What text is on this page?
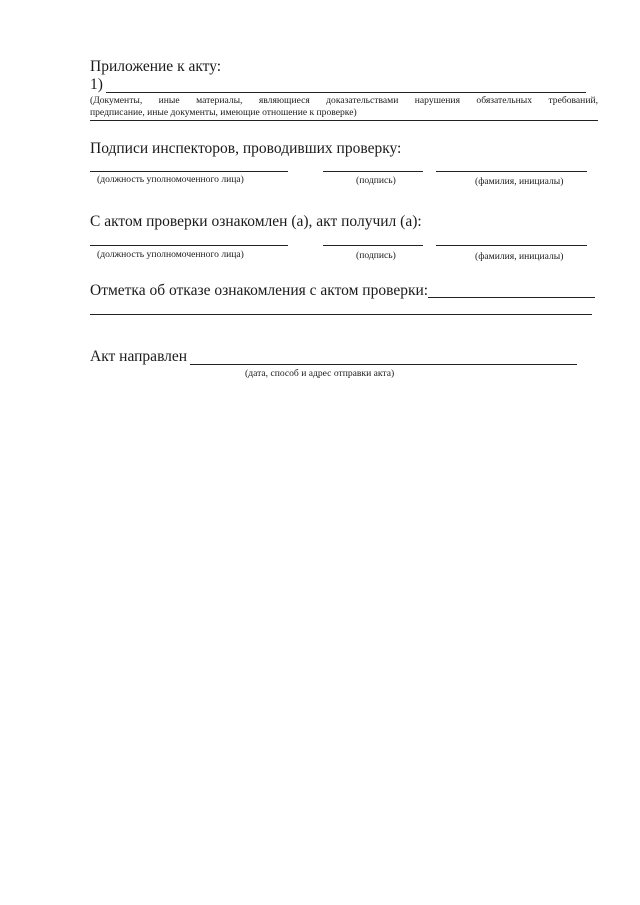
Приложение к акту:
1)
(Документы, иные материалы, являющиеся доказательствами нарушения обязательных требований,
предписание, иные документы, имеющие отношение к проверке)
Подписи инспекторов, проводивших проверку:
(должность уполномоченного лица)	(подпись)	(фамилия, инициалы)
С актом проверки ознакомлен (а), акт получил (а):
(должность уполномоченного лица)	(подпись)	(фамилия, инициалы)
Отметка об отказе ознакомления с актом проверки:
Акт направлен
(дата, способ и адрес отправки акта)
